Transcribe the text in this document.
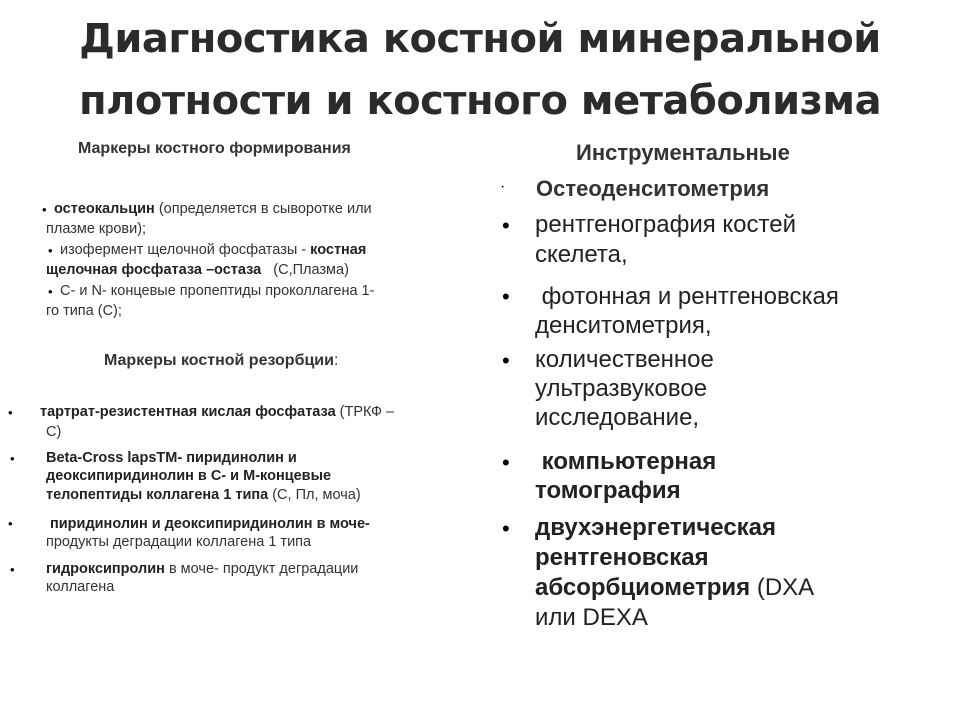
Диагностика костной минеральной
плотности и костного метаболизма
Маркеры костного формирования
• остеокальцин (определяется в сыворотке или
плазме крови);
• изофермент щелочной фосфатазы - костная
щелочная фосфатаза –остаза   (С,Плазма)
• С- и N- концевые пропептиды проколлагена 1-
го типа (С);
Маркеры костной резорбции:
• тартрат-резистентная кислая фосфатаза (ТРКФ –
С)
• Beta-Cross lapsTM- пиридинолин и
деоксипиридинолин в С- и М-концевые
телопептиды коллагена 1 типа (С, Пл, моча)
•	пиридинолин и деоксипиридинолин в моче-
продукты деградации коллагена 1 типа
• гидроксипролин в моче- продукт деградации
коллагена
Инструментальные
· Остеоденситометрия
• рентгенография костей
скелета,
• фотонная и рентгеновская
денситометрия,
• количественное
ультразвуковое
исследование,
• компьютерная
томография
• двухэнергетическая
рентгеновская
абсорбциометрия (DXA
или DEXA
